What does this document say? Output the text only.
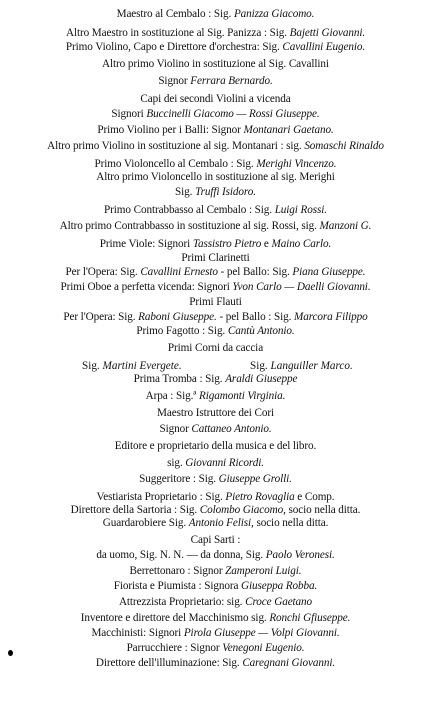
Maestro al Cembalo : Sig. Panizza Giacomo.
Altro Maestro in sostituzione al Sig. Panizza : Sig. Bajetti Giovanni.
Primo Violino, Capo e Direttore d'orchestra: Sig. Cavallini Eugenio.
Altro primo Violino in sostituzione al Sig. Cavallini
Signor Ferrara Bernardo.
Capi dei secondi Violini a vicenda
Signori Buccinelli Giacomo — Rossi Giuseppe.
Primo Violino per i Balli: Signor Montanari Gaetano.
Altro primo Violino in sostituzione al sig. Montanari : sig. Somaschi Rinaldo
Primo Violoncello al Cembalo : Sig. Merighi Vincenzo.
Altro primo Violoncello in sostituzione al sig. Merighi
Sig. Truffi Isidoro.
Primo Contrabbasso al Cembalo : Sig. Luigi Rossi.
Altro primo Contrabbasso in sostituzione al sig. Rossi, sig. Manzoni G.
Prime Viole: Signori Tassistro Pietro e Maino Carlo.
Primi Clarinetti
Per l'Opera: Sig. Cavallini Ernesto - pel Ballo: Sig. Piana Giuseppe.
Primi Oboe a perfetta vicenda: Signori Yvon Carlo — Daelli Giovanni.
Primi Flauti
Per l'Opera: Sig. Raboni Giuseppe. - pel Ballo : Sig. Marcora Filippo
Primo Fagotto : Sig. Cantù Antonio.
Primi Corni da caccia
Sig. Martini Evergete.	Sig. Languiller Marco.
Prima Tromba : Sig. Araldi Giuseppe
Arpa : Sig.ª Rigamonti Virginia.
Maestro Istruttore dei Cori
Signor Cattaneo Antonio.
Editore e proprietario della musica e del libro.
sig. Giovanni Ricordi.
Suggeritore : Sig. Giuseppe Grolli.
Vestiarista Proprietario : Sig. Pietro Rovaglia e Comp.
Direttore della Sartoria : Sig. Colombo Giacomo, socio nella ditta.
Guardarobiere Sig. Antonio Felisi, socio nella ditta.
Capi Sarti :
da uomo, Sig. N. N. — da donna, Sig. Paolo Veronesi.
Berrettonaro : Signor Zamperoni Luigi.
Fiorista e Piumista : Signora Giuseppa Robba.
Attrezzista Proprietario: sig. Croce Gaetano
Inventore e direttore del Macchinismo sig. Ronchi Gfiuseppe.
Macchinisti: Signori Pirola Giuseppe — Volpi Giovanni.
Parrucchiere : Signor Venegoni Eugenio.
Direttore dell'illuminazione: Sig. Caregnani Giovanni.
